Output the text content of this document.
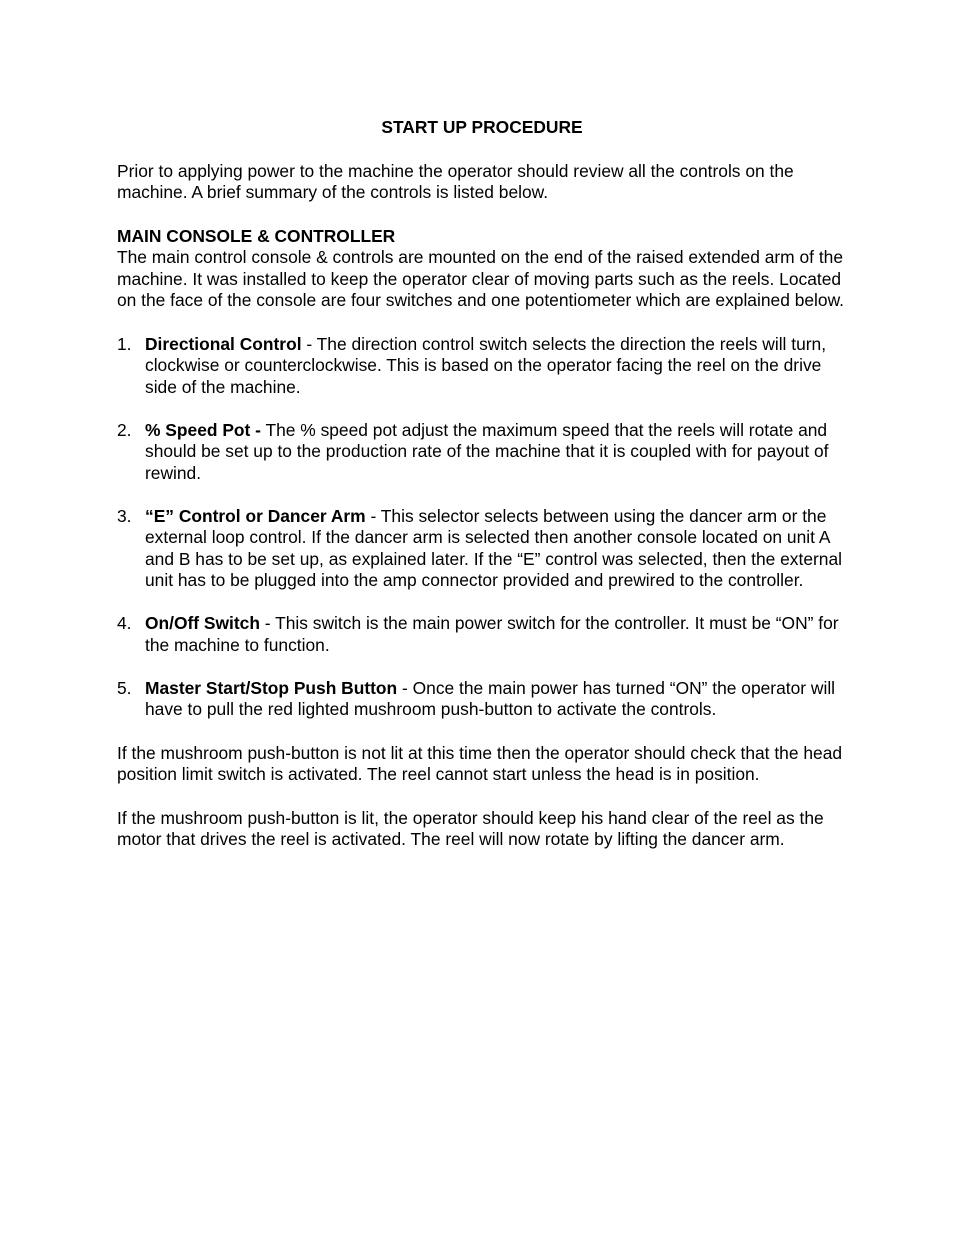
START UP PROCEDURE

Prior to applying power to the machine the operator should review all the controls on the machine. A brief summary of the controls is listed below.

MAIN CONSOLE & CONTROLLER

The main control console & controls are mounted on the end of the raised extended arm of the machine. It was installed to keep the operator clear of moving parts such as the reels. Located on the face of the console are four switches and one potentiometer which are explained below.

1. Directional Control - The direction control switch selects the direction the reels will turn, clockwise or counterclockwise. This is based on the operator facing the reel on the drive side of the machine.
2. % Speed Pot - The % speed pot adjust the maximum speed that the reels will rotate and should be set up to the production rate of the machine that it is coupled with for payout of rewind.
3. “E” Control or Dancer Arm - This selector selects between using the dancer arm or the external loop control. If the dancer arm is selected then another console located on unit A and B has to be set up, as explained later. If the “E” control was selected, then the external unit has to be plugged into the amp connector provided and prewired to the controller.
4. On/Off Switch - This switch is the main power switch for the controller. It must be “ON” for the machine to function.
5. Master Start/Stop Push Button - Once the main power has turned “ON” the operator will have to pull the red lighted mushroom push-button to activate the controls.

If the mushroom push-button is not lit at this time then the operator should check that the head position limit switch is activated. The reel cannot start unless the head is in position.

If the mushroom push-button is lit, the operator should keep his hand clear of the reel as the motor that drives the reel is activated. The reel will now rotate by lifting the dancer arm.
